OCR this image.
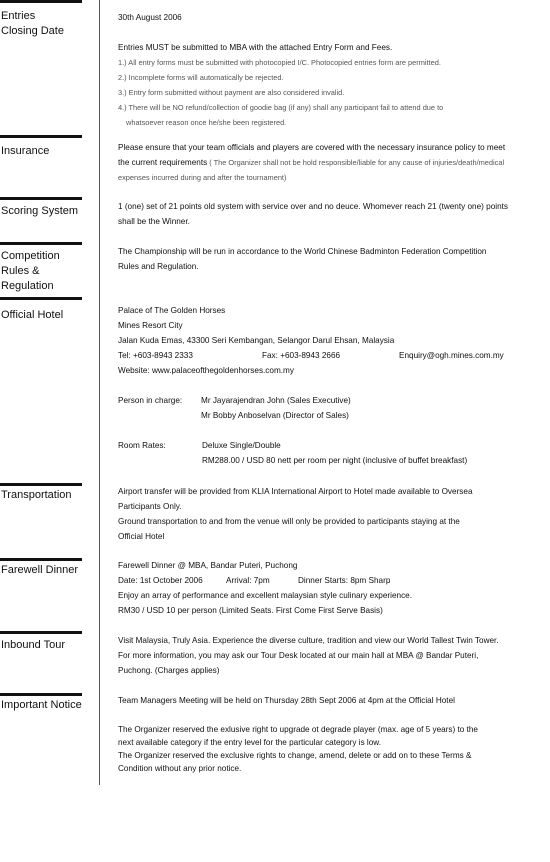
Entries
Closing Date

30th August 2006

Entries MUST be submitted to MBA with the attached Entry Form and Fees.

1.) All entry forms must be submitted with photocopied I/C. Photocopied entries form are permitted.

2.) Incomplete forms will automatically be rejected.

3.) Entry form submitted without payment are also considered invalid.

4.) There will be NO refund/collection of goodie bag (if any) shall any participant fail to attend due to

whatsoever reason once he/she been registered.

Insurance	Please ensure that your team officials and players are covered with the necessary insurance policy to meet

the current requirements ( The Organizer shall not be hold responsible/liable for any cause of injuries/death/medical

expenses incurred during and after the tournament)

Scoring System	1 (one) set of 21 points old system with service over and no deuce. Whomever reach 21 (twenty one) points

shall be the Winner.

Competition
Rules &
Regulation

The Championship will be run in accordance to the World Chinese Badminton Federation Competition

Rules and Regulation.

Official Hotel	Palace of The Golden Horses

Mines Resort City

Jalan Kuda Emas, 43300 Seri Kembangan, Selangor Darul Ehsan, Malaysia

Tel: +603-8943 2333	Fax: +603-8943 2666	Enquiry@ogh.mines.com.my

Website: www.palaceofthegoldenhorses.com.my

Person in charge:	Mr Jayarajendran John (Sales Executive)
Mr Bobby Anboselvan (Director of Sales)
Room Rates:	Deluxe Single/Double
RM288.00 / USD 80 nett per room per night (inclusive of buffet breakfast)
Transportation	Airport transfer will be provided from KLIA International Airport to Hotel made available to Oversea

Participants Only.

Ground transportation to and from the venue will only be provided to participants staying at the

Official Hotel

Farewell Dinner	Farewell Dinner @ MBA, Bandar Puteri, Puchong

Date: 1st October 2006	Arrival: 7pm	Dinner Starts: 8pm Sharp

Enjoy an array of performance and excellent malaysian style culinary experience.

RM30 / USD 10 per person (Limited Seats. First Come First Serve Basis)

Inbound Tour	Visit Malaysia, Truly Asia. Experience the diverse culture, tradition and view our World Tallest Twin Tower.

For more information, you may ask our Tour Desk located at our main hall at MBA @ Bandar Puteri,

Puchong. (Charges applies)

Important Notice	Team Managers Meeting will be held on Thursday 28th Sept 2006 at 4pm at the Official Hotel

The Organizer reserved the exlusive right to upgrade ot degrade player (max. age of 5 years) to the

next available category if the entry level for the particular category is low.

The Organizer reserved the exclusive rights to change, amend, delete or add on to these Terms &

Condition without any prior notice.
